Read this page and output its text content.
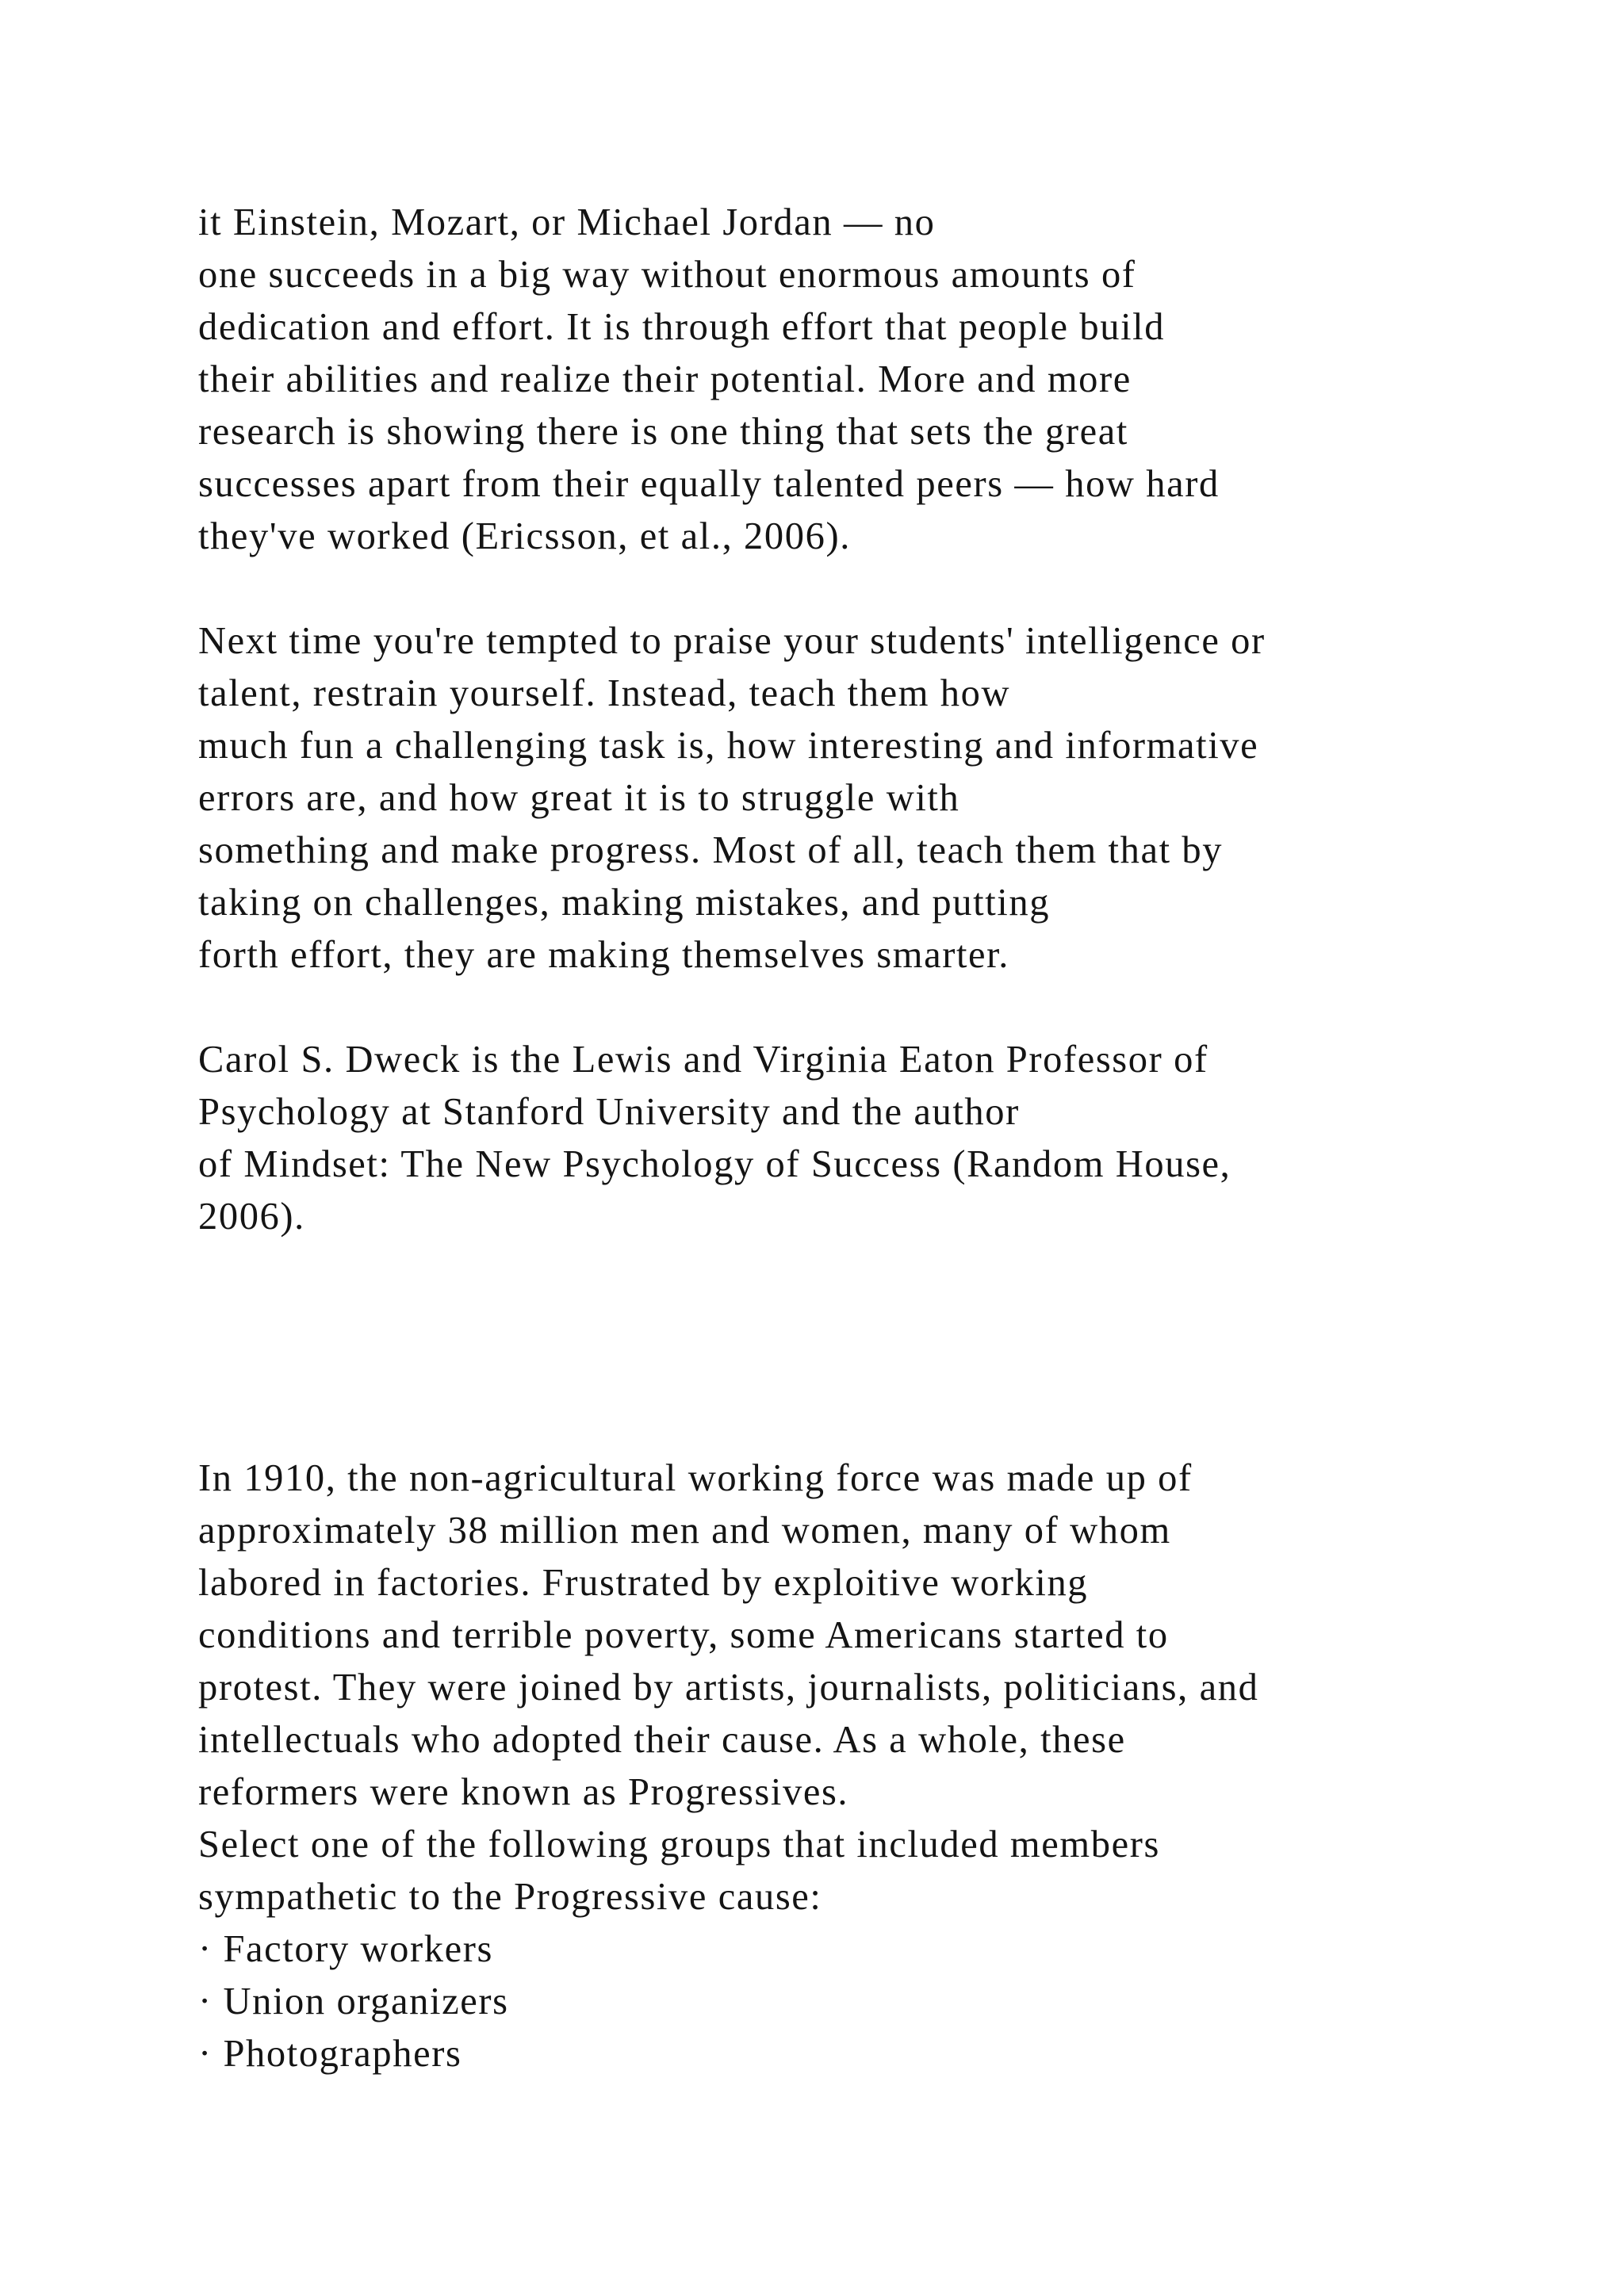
it Einstein, Mozart, or Michael Jordan — no
one succeeds in a big way without enormous amounts of
dedication and effort. It is through effort that people build
their abilities and realize their potential. More and more
research is showing there is one thing that sets the great
successes apart from their equally talented peers — how hard
they've worked (Ericsson, et al., 2006).
Next time you're tempted to praise your students' intelligence or
talent, restrain yourself. Instead, teach them how
much fun a challenging task is, how interesting and informative
errors are, and how great it is to struggle with
something and make progress. Most of all, teach them that by
taking on challenges, making mistakes, and putting
forth effort, they are making themselves smarter.
Carol S. Dweck is the Lewis and Virginia Eaton Professor of
Psychology at Stanford University and the author
of Mindset: The New Psychology of Success (Random House,
2006).
In 1910, the non-agricultural working force was made up of
approximately 38 million men and women, many of whom
labored in factories. Frustrated by exploitive working
conditions and terrible poverty, some Americans started to
protest. They were joined by artists, journalists, politicians, and
intellectuals who adopted their cause. As a whole, these
reformers were known as Progressives.
Select one of the following groups that included members
sympathetic to the Progressive cause:
· Factory workers
· Union organizers
· Photographers
